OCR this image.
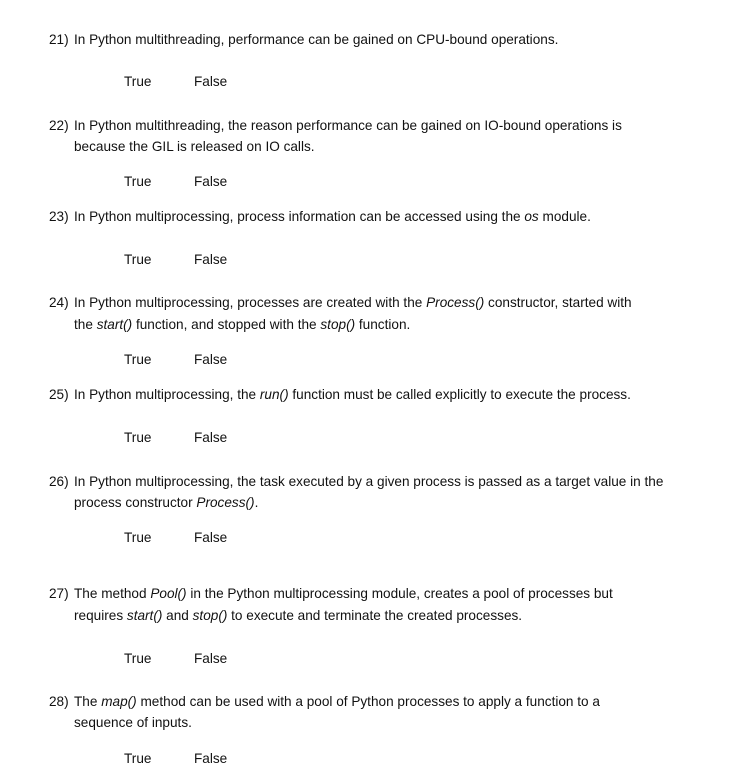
21) In Python multithreading, performance can be gained on CPU-bound operations.
True	False
22) In Python multithreading, the reason performance can be gained on IO-bound operations is
because the GIL is released on IO calls.
True	False
23) In Python multiprocessing, process information can be accessed using the os module.
True	False
24) In Python multiprocessing, processes are created with the Process() constructor, started with
the start() function, and stopped with the stop() function.
True	False
25) In Python multiprocessing, the run() function must be called explicitly to execute the process.
True	False
26) In Python multiprocessing, the task executed by a given process is passed as a target value in the
process constructor Process().
True	False
27) The method Pool() in the Python multiprocessing module, creates a pool of processes but
requires start() and stop() to execute and terminate the created processes.
True	False
28) The map() method can be used with a pool of Python processes to apply a function to a
sequence of inputs.
True	False
